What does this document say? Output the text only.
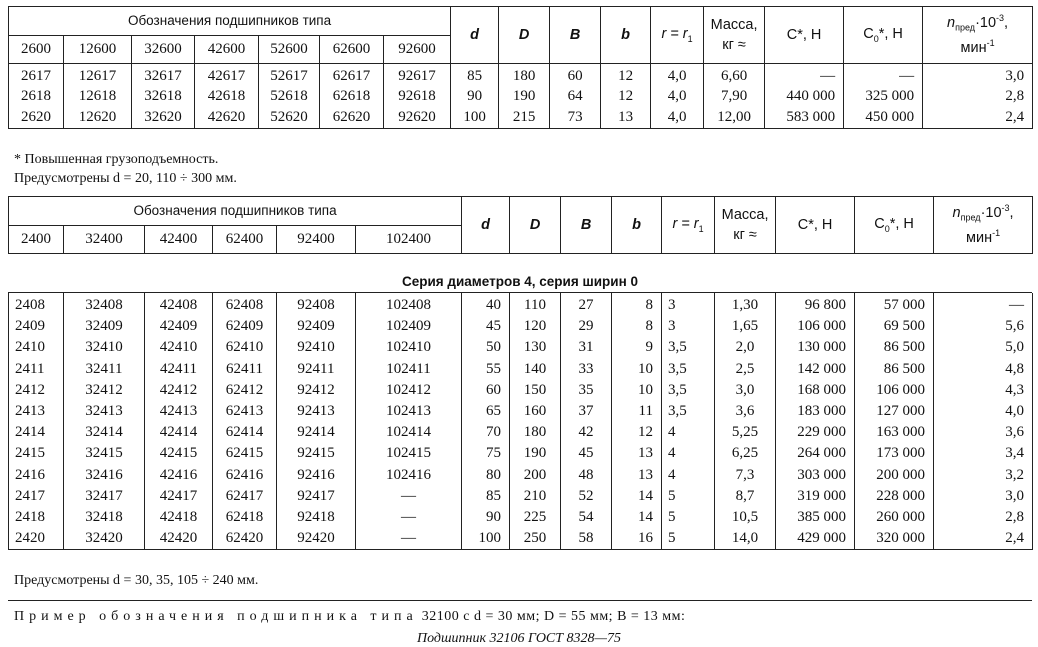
Обозначения подшипников типа							d	D	B	b	$r = r_1$	Масса,
кг ≈	C*, Н	$C_0*$, Н	$n_{пред}\cdot 10^{-3}$,
мин$^{-1}$

2600	12600	32600	42600	52600	62600	92600									
2617	12617	32617	42617	52617	62617	92617	85	180	60	12	4,0	6,60	—	—	3,0
2618	12618	32618	42618	52618	62618	92618	90	190	64	12	4,0	7,90	440 000	325 000	2,8
2620	12620	32620	42620	52620	62620	92620	100	215	73	13	4,0	12,00	583 000	450 000	2,4
* Повышенная грузоподъемность.
Предусмотрены d = 20, 110 ÷ 300 мм.
Обозначения подшипников типа						d	D	B	b	$r = r_1$	Масса,
кг ≈	C*, Н	$C_0*$, Н	$n_{пред}\cdot 10^{-3}$,
мин$^{-1}$

2400	32400	42400	62400	92400	102400									
Серия диаметров 4, серия ширин 0
2408	32408	42408	62408	92408	102408	40	110	27	8	3	1,30	96 800	57 000	—
2409	32409	42409	62409	92409	102409	45	120	29	8	3	1,65	106 000	69 500	5,6
2410	32410	42410	62410	92410	102410	50	130	31	9	3,5	2,0	130 000	86 500	5,0
2411	32411	42411	62411	92411	102411	55	140	33	10	3,5	2,5	142 000	86 500	4,8
2412	32412	42412	62412	92412	102412	60	150	35	10	3,5	3,0	168 000	106 000	4,3
2413	32413	42413	62413	92413	102413	65	160	37	11	3,5	3,6	183 000	127 000	4,0
2414	32414	42414	62414	92414	102414	70	180	42	12	4	5,25	229 000	163 000	3,6
2415	32415	42415	62415	92415	102415	75	190	45	13	4	6,25	264 000	173 000	3,4
2416	32416	42416	62416	92416	102416	80	200	48	13	4	7,3	303 000	200 000	3,2
2417	32417	42417	62417	92417	—	85	210	52	14	5	8,7	319 000	228 000	3,0
2418	32418	42418	62418	92418	—	90	225	54	14	5	10,5	385 000	260 000	2,8
2420	32420	42420	62420	92420	—	100	250	58	16	5	14,0	429 000	320 000	2,4
Предусмотрены d = 30, 35, 105 ÷ 240 мм.
Пример обозначения подшипника типа 32100 с d = 30 мм; D = 55 мм; B = 13 мм:
Подшипник 32106 ГОСТ 8328—75
